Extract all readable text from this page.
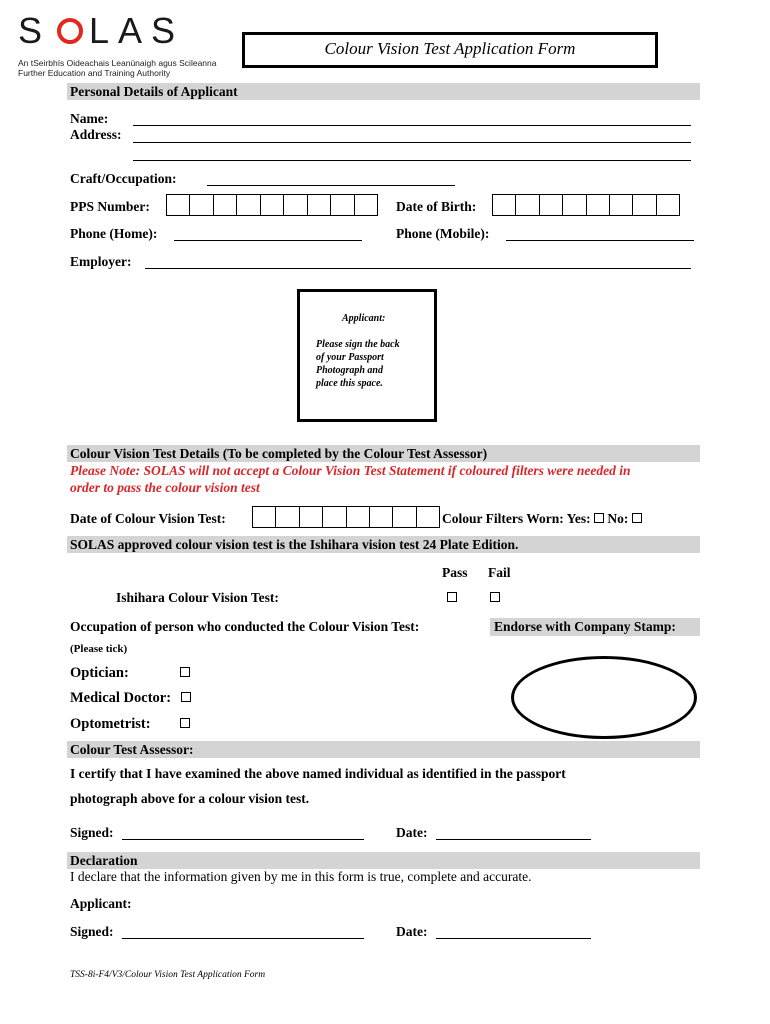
S LAS
An tSeirbhís Oideachais Leanúnaigh agus Scileanna
Further Education and Training Authority
Colour Vision Test Application Form
Personal Details of Applicant
Name:
Address:
Craft/Occupation:
PPS Number:	Date of Birth:
Phone (Home):	Phone (Mobile):
Employer:
Applicant:
Please sign the back
of your Passport
Photograph and
place this space.
Colour Vision Test Details (To be completed by the Colour Test Assessor)
Please Note: SOLAS will not accept a Colour Vision Test Statement if coloured filters were needed in
order to pass the colour vision test
Date of Colour Vision Test:	Colour Filters Worn: Yes: No:
SOLAS approved colour vision test is the Ishihara vision test 24 Plate Edition.
Pass Fail
Ishihara Colour Vision Test:
Occupation of person who conducted the Colour Vision Test:	Endorse with Company Stamp:
(Please tick)
Optician:
Medical Doctor:
Optometrist:
Colour Test Assessor:
I certify that I have examined the above named individual as identified in the passport
photograph above for a colour vision test.
Signed:	Date:
Declaration
I declare that the information given by me in this form is true, complete and accurate.
Applicant:
Signed:	Date:
TSS-8i-F4/V3/Colour Vision Test Application Form
